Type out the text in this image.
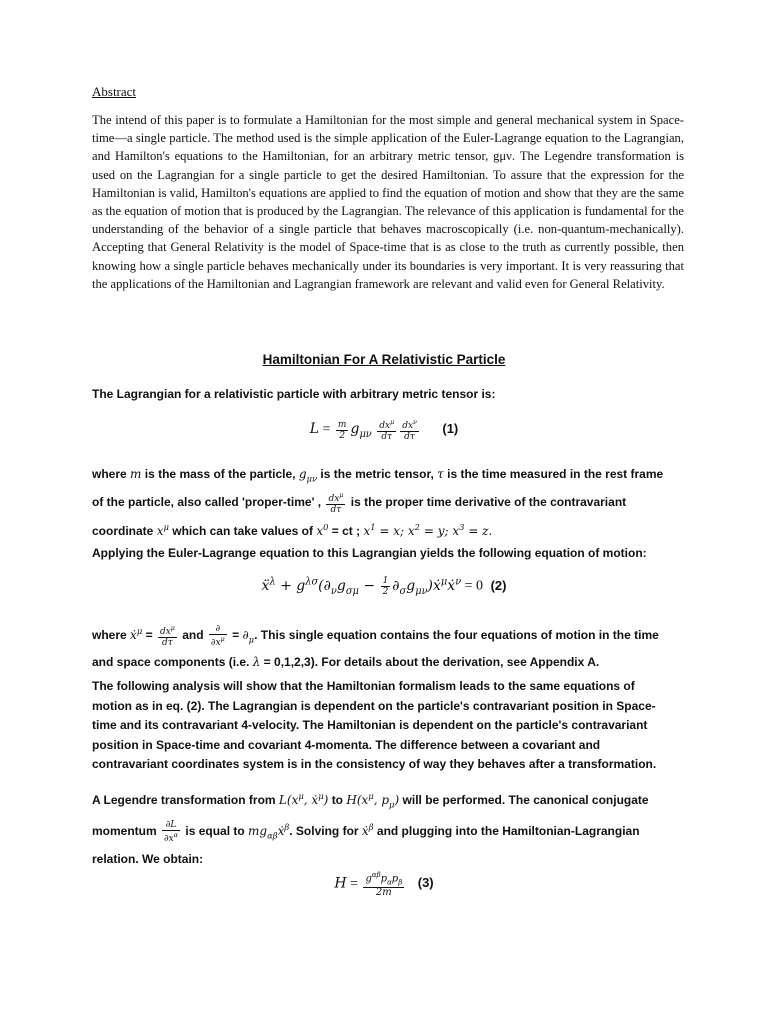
Abstract
The intend of this paper is to formulate a Hamiltonian for the most simple and general mechanical system in Space-time—a single particle. The method used is the simple application of the Euler-Lagrange equation to the Lagrangian, and Hamilton's equations to the Hamiltonian, for an arbitrary metric tensor, gμν. The Legendre transformation is used on the Lagrangian for a single particle to get the desired Hamiltonian. To assure that the expression for the Hamiltonian is valid, Hamilton's equations are applied to find the equation of motion and show that they are the same as the equation of motion that is produced by the Lagrangian. The relevance of this application is fundamental for the understanding of the behavior of a single particle that behaves macroscopically (i.e. non-quantum-mechanically). Accepting that General Relativity is the model of Space-time that is as close to the truth as currently possible, then knowing how a single particle behaves mechanically under its boundaries is very important. It is very reassuring that the applications of the Hamiltonian and Lagrangian framework are relevant and valid even for General Relativity.
Hamiltonian For A Relativistic Particle
The Lagrangian for a relativistic particle with arbitrary metric tensor is:
$L = \frac{m}{2} g_{\mu\nu} \frac{dx^\mu}{d\tau} \frac{dx^\nu}{d\tau} (1)$
where m is the mass of the particle, $g_{\mu\nu}$ is the metric tensor, τ is the time measured in the rest frame of the particle, also called 'proper-time' , $\frac{dx^\mu}{d\tau}$ is the proper time derivative of the contravariant coordinate $x^\mu$ which can take values of $x^0$ = ct ; $x^1 = x$; $x^2 = y$; $x^3 = z$.
Applying the Euler-Lagrange equation to this Lagrangian yields the following equation of motion:
ẍ$^\lambda$ + $g^{\lambda\sigma}(\partial_\nu g_{\sigma\mu} - \frac{1}{2}$ $\partial_\sigma g_{\mu\nu})ẋ^\mu ẋ^\nu = 0$ (2)
where ẋ$^\mu$ = $\frac{dx^\mu}{d\tau}$ and $\frac{\partial}{\partial x^\mu} = \partial_\mu$. This single equation contains the four equations of motion in the time and space components (i.e. λ = 0,1,2,3). For details about the derivation, see Appendix A.
The following analysis will show that the Hamiltonian formalism leads to the same equations of motion as in eq. (2). The Lagrangian is dependent on the particle's contravariant position in Space-time and its contravariant 4-velocity. The Hamiltonian is dependent on the particle's contravariant position in Space-time and covariant 4-momenta. The difference between a covariant and contravariant coordinates system is in the consistency of way they behaves after a transformation.
A Legendre transformation from $L(x^\mu$, ẋ$^\mu$) to $H(x^\mu$, $p_\mu$) will be performed. The canonical conjugate momentum $\frac{\partial L}{\partial x^\alpha}$ is equal to $mg_{\alpha\beta}ẋ^\beta$. Solving for ẋ$^\beta$ and plugging into the Hamiltonian-Lagrangian relation. We obtain:
$H = \frac{g^{\alpha\beta}p_\alpha p_\beta}{2m} (3)$
